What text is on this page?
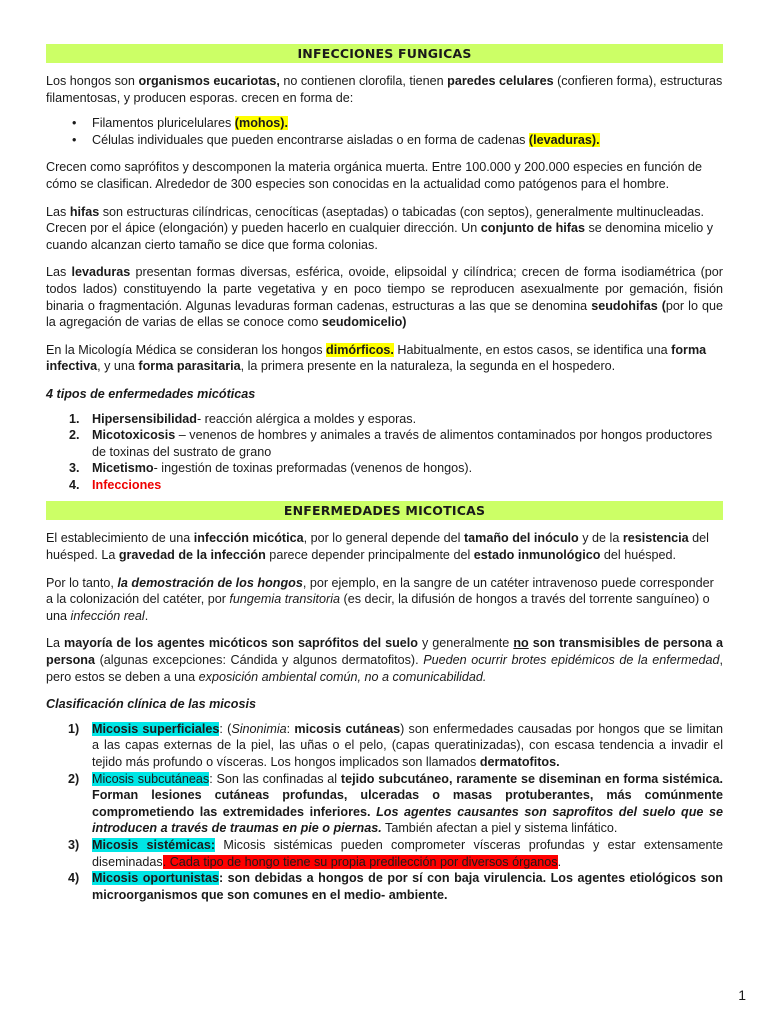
INFECCIONES FUNGICAS

Los hongos son organismos eucariotas, no contienen clorofila, tienen paredes celulares (confieren forma), estructuras filamentosas, y producen esporas. crecen en forma de:

• Filamentos pluricelulares (mohos).
• Células individuales que pueden encontrarse aisladas o en forma de cadenas (levaduras).

Crecen como saprófitos y descomponen la materia orgánica muerta. Entre 100.000 y 200.000 especies en función de cómo se clasifican. Alrededor de 300 especies son conocidas en la actualidad como patógenos para el hombre.

Las hifas son estructuras cilíndricas, cenocíticas (aseptadas) o tabicadas (con septos), generalmente multinucleadas. Crecen por el ápice (elongación) y pueden hacerlo en cualquier dirección. Un conjunto de hifas se denomina micelio y cuando alcanzan cierto tamaño se dice que forma colonias.

Las levaduras presentan formas diversas, esférica, ovoide, elipsoidal y cilíndrica; crecen de forma isodiamétrica (por todos lados) constituyendo la parte vegetativa y en poco tiempo se reproducen asexualmente por gemación, fisión binaria o fragmentación. Algunas levaduras forman cadenas, estructuras a las que se denomina seudohifas (por lo que la agregación de varias de ellas se conoce como seudomicelio)

En la Micología Médica se consideran los hongos dimórficos. Habitualmente, en estos casos, se identifica una forma infectiva, y una forma parasitaria, la primera presente en la naturaleza, la segunda en el hospedero.

4 tipos de enfermedades micóticas

1. Hipersensibilidad- reacción alérgica a moldes y esporas.
2. Micotoxicosis – venenos de hombres y animales a través de alimentos contaminados por hongos productores de toxinas del sustrato de grano
3. Micetismo- ingestión de toxinas preformadas (venenos de hongos).
4. Infecciones
ENFERMEDADES MICOTICAS

El establecimiento de una infección micótica, por lo general depende del tamaño del inóculo y de la resistencia del huésped. La gravedad de la infección parece depender principalmente del estado inmunológico del huésped.

Por lo tanto, la demostración de los hongos, por ejemplo, en la sangre de un catéter intravenoso puede corresponder a la colonización del catéter, por fungemia transitoria (es decir, la difusión de hongos a través del torrente sanguíneo) o una infección real.

La mayoría de los agentes micóticos son saprófitos del suelo y generalmente no son transmisibles de persona a persona (algunas excepciones: Cándida y algunos dermatofitos). Pueden ocurrir brotes epidémicos de la enfermedad, pero estos se deben a una exposición ambiental común, no a comunicabilidad.

Clasificación clínica de las micosis

1) Micosis superficiales: (Sinonimia: micosis cutáneas) son enfermedades causadas por hongos que se limitan a las capas externas de la piel, las uñas o el pelo, (capas queratinizadas), con escasa tendencia a invadir el tejido más profundo o vísceras. Los hongos implicados son llamados dermatofitos.
2) Micosis subcutáneas: Son las confinadas al tejido subcutáneo, raramente se diseminan en forma sistémica. Forman lesiones cutáneas profundas, ulceradas o masas protuberantes, más comúnmente comprometiendo las extremidades inferiores. Los agentes causantes son saprofitos del suelo que se introducen a través de traumas en pie o piernas. También afectan a piel y sistema linfático.
3) Micosis sistémicas: Micosis sistémicas pueden comprometer vísceras profundas y estar extensamente diseminadas. Cada tipo de hongo tiene su propia predilección por diversos órganos.
4) Micosis oportunistas: son debidas a hongos de por sí con baja virulencia. Los agentes etiológicos son microorganismos que son comunes en el medio- ambiente.
1
